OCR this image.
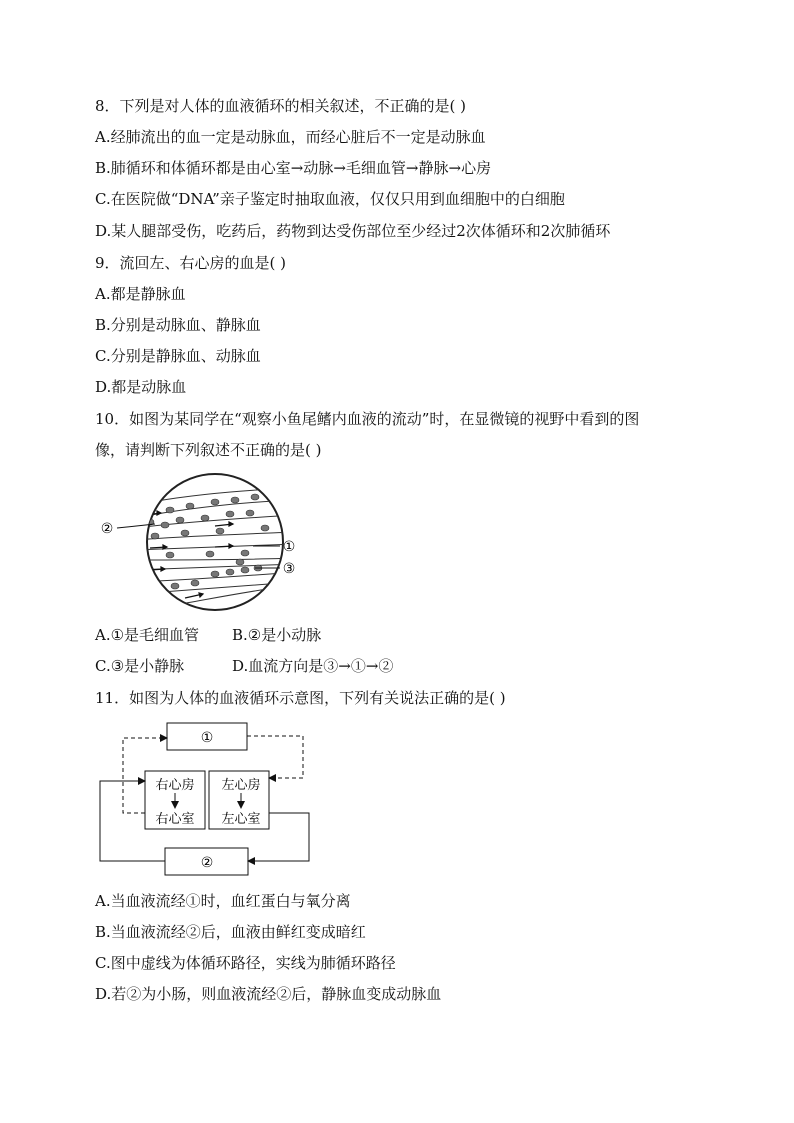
8．下列是对人体的血液循环的相关叙述，不正确的是( )
A.经肺流出的血一定是动脉血，而经心脏后不一定是动脉血
B.肺循环和体循环都是由心室→动脉→毛细血管→静脉→心房
C.在医院做“DNA”亲子鉴定时抽取血液，仅仅只用到血细胞中的白细胞
D.某人腿部受伤，吃药后，药物到达受伤部位至少经过2次体循环和2次肺循环
9．流回左、右心房的血是( )
A.都是静脉血
B.分别是动脉血、静脉血
C.分别是静脉血、动脉血
D.都是动脉血
10．如图为某同学在“观察小鱼尾鳍内血液的流动”时，在显微镜的视野中看到的图
像，请判断下列叙述不正确的是( )
②
①
③
A.①是毛细血管 B.②是小动脉
C.③是小静脉	D.血流方向是③→①→②
11．如图为人体的血液循环示意图，下列有关说法正确的是( )
①
右心房
右心室
左心房
左心室
②
A.当血液流经①时，血红蛋白与氧分离
B.当血液流经②后，血液由鲜红变成暗红
C.图中虚线为体循环路径，实线为肺循环路径
D.若②为小肠，则血液流经②后，静脉血变成动脉血
